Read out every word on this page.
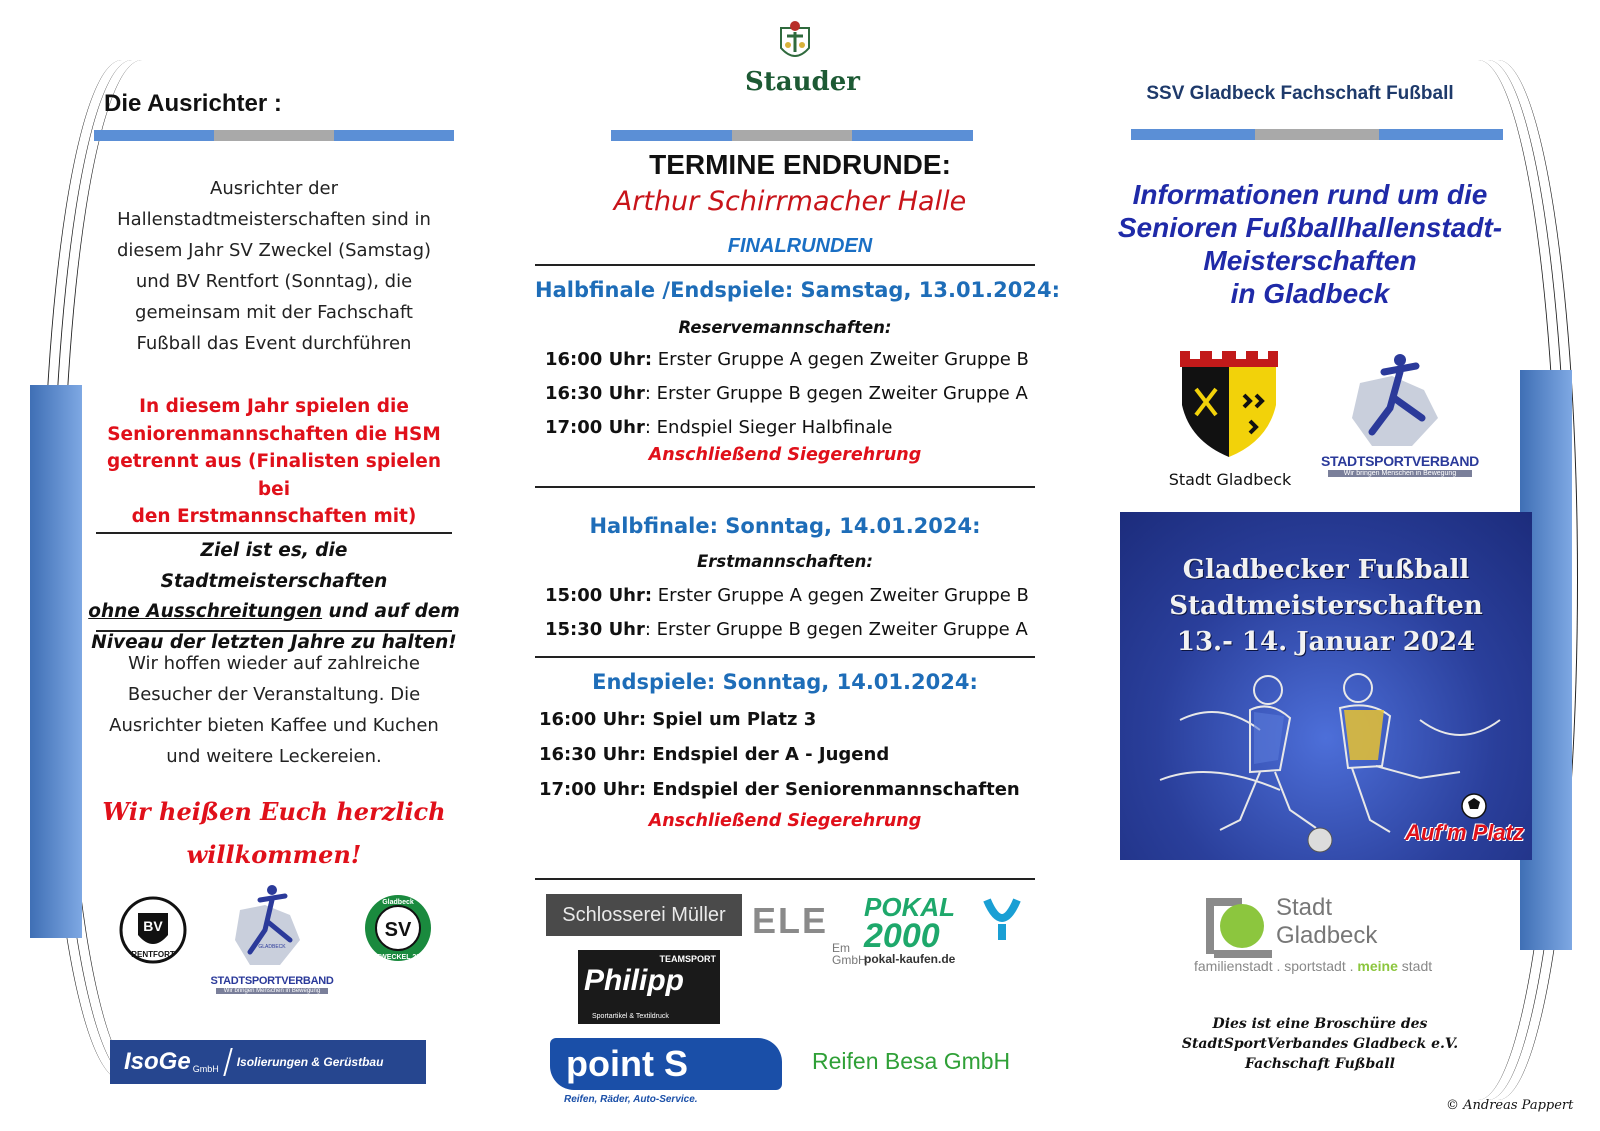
Die Ausrichter :
Ausrichter der
Hallenstadtmeisterschaften sind in
diesem Jahr SV Zweckel (Samstag)
und BV Rentfort (Sonntag), die
gemeinsam mit der Fachschaft
Fußball das Event durchführen
In diesem Jahr spielen die
Seniorenmannschaften die HSM
getrennt aus (Finalisten spielen bei
den Erstmannschaften mit)
Ziel ist es, die Stadtmeisterschaften
ohne Ausschreitungen und auf dem
Niveau der letzten Jahre zu halten!
Wir hoffen wieder auf zahlreiche
Besucher der Veranstaltung. Die
Ausrichter bieten Kaffee und Kuchen
und weitere Leckereien.
Wir heißen Euch herzlich
willkommen!
BV
RENTFORT
GLADBECK
STADTSPORTVERBAND
Wir bringen Menschen in Bewegung
SV
Gladbeck
ZWECKEL 23
IsoGe GmbH Isolierungen & Gerüstbau
Stauder
TERMINE ENDRUNDE:
Arthur Schirrmacher Halle
FINALRUNDEN
Halbfinale /Endspiele: Samstag, 13.01.2024:
Reservemannschaften:
16:00 Uhr: Erster Gruppe A gegen Zweiter Gruppe B
16:30 Uhr: Erster Gruppe B gegen Zweiter Gruppe A
17:00 Uhr: Endspiel Sieger Halbfinale
Anschließend Siegerehrung
Halbfinale: Sonntag, 14.01.2024:
Erstmannschaften:
15:00 Uhr: Erster Gruppe A gegen Zweiter Gruppe B
15:30 Uhr: Erster Gruppe B gegen Zweiter Gruppe A
Endspiele: Sonntag, 14.01.2024:
16:00 Uhr: Spiel um Platz 3
16:30 Uhr: Endspiel der A - Jugend
17:00 Uhr: Endspiel der Seniorenmannschaften
Anschließend Siegerehrung
Schlosserei Müller ELE
Em GmbH
POKAL
2000
pokal-kaufen.de
Philipp
TEAMSPORT
Sportartikel & Textildruck
point S
Reifen, Räder, Auto-Service.
Reifen Besa GmbH
SSV Gladbeck Fachschaft Fußball
Informationen rund um die
Senioren Fußballhallenstadt-
Meisterschaften
in Gladbeck
Stadt Gladbeck
STADTSPORTVERBAND
Wir bringen Menschen in Bewegung
Gladbecker Fußball
Stadtmeisterschaften
13.- 14. Januar 2024
Auf'm Platz
Stadt
Gladbeck
familienstadt . sportstadt . meine stadt
Dies ist eine Broschüre des
StadtSportVerbandes Gladbeck e.V.
Fachschaft Fußball
© Andreas Pappert
